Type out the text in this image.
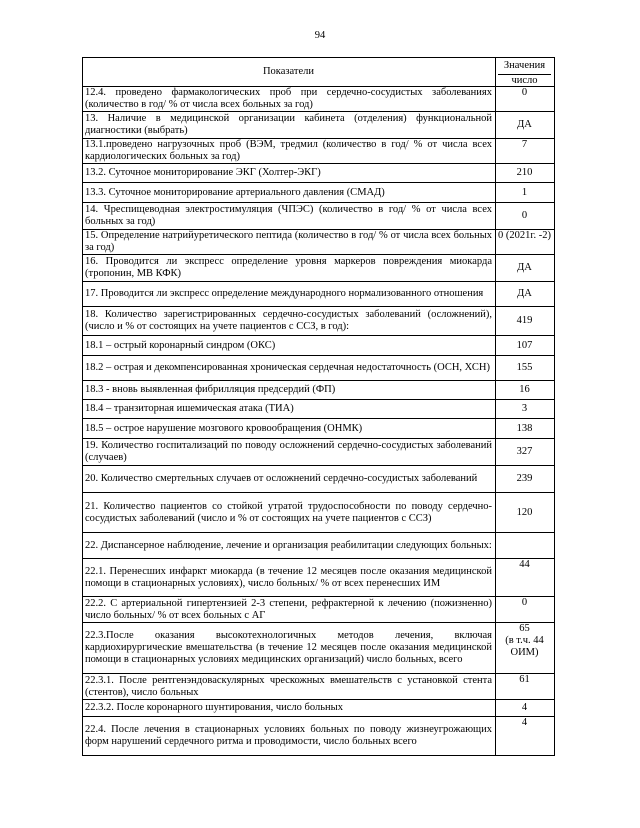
94
Показатели	Значения
число

12.4. проведено фармакологических проб при сердечно-сосудистых заболеваниях (количество в год/ % от числа всех больных за год)	0
13. Наличие в медицинской организации кабинета (отделения) функциональной диагностики (выбрать)	ДА
13.1.проведено нагрузочных проб (ВЭМ, тредмил (количество в год/ % от числа всех кардиологических больных за год)	7
13.2. Суточное мониторирование ЭКГ (Холтер-ЭКГ)	210
13.3. Суточное мониторирование артериального давления (СМАД)	1
14. Чреспищеводная электростимуляция (ЧПЭС) (количество в год/ % от числа всех больных за год)	0
15. Определение натрийуретического пептида (количество в год/ % от числа всех больных за год)	0 (2021г. -2)
16. Проводится ли экспресс определение уровня маркеров повреждения миокарда (тропонин, МВ КФК)	ДА
17. Проводится ли экспресс определение международного нормализованного отношения	ДА
18. Количество зарегистрированных сердечно-сосудистых заболеваний (осложнений), (число и % от состоящих на учете пациентов с ССЗ, в год):	419
18.1 – острый коронарный синдром (ОКС)	107
18.2 – острая и декомпенсированная хроническая сердечная недостаточность (ОСН, ХСН)	155
18.3 - вновь выявленная фибрилляция предсердий (ФП)	16
18.4 – транзиторная ишемическая атака (ТИА)	3
18.5 – острое нарушение мозгового кровообращения (ОНМК)	138
19. Количество госпитализаций по поводу осложнений сердечно-сосудистых заболеваний (случаев)	327
20. Количество смертельных случаев от осложнений сердечно-сосудистых заболеваний	239
21. Количество пациентов со стойкой утратой трудоспособности по поводу сердечно-сосудистых заболеваний (число и % от состоящих на учете пациентов с ССЗ)	120
22. Диспансерное наблюдение, лечение и организация реабилитации следующих больных:	
22.1. Перенесших инфаркт миокарда (в течение 12 месяцев после оказания медицинской помощи в стационарных условиях), число больных/ % от всех перенесших ИМ	44
22.2. С артериальной гипертензией 2-3 степени, рефрактерной к лечению (пожизненно) число больных/ % от всех больных с АГ	0
22.3.После оказания высокотехнологичных методов лечения, включая кардиохирургические вмешательства (в течение 12 месяцев после оказания медицинской помощи в стационарных условиях медицинских организаций) число больных, всего	65
(в т.ч. 44 ОИМ)

22.3.1. После рентгенэндоваскулярных чрескожных вмешательств с установкой стента (стентов), число больных	61
22.3.2. После коронарного шунтирования, число больных	4
22.4. После лечения в стационарных условиях больных по поводу жизнеугрожающих форм нарушений сердечного ритма и проводимости, число больных всего	4
